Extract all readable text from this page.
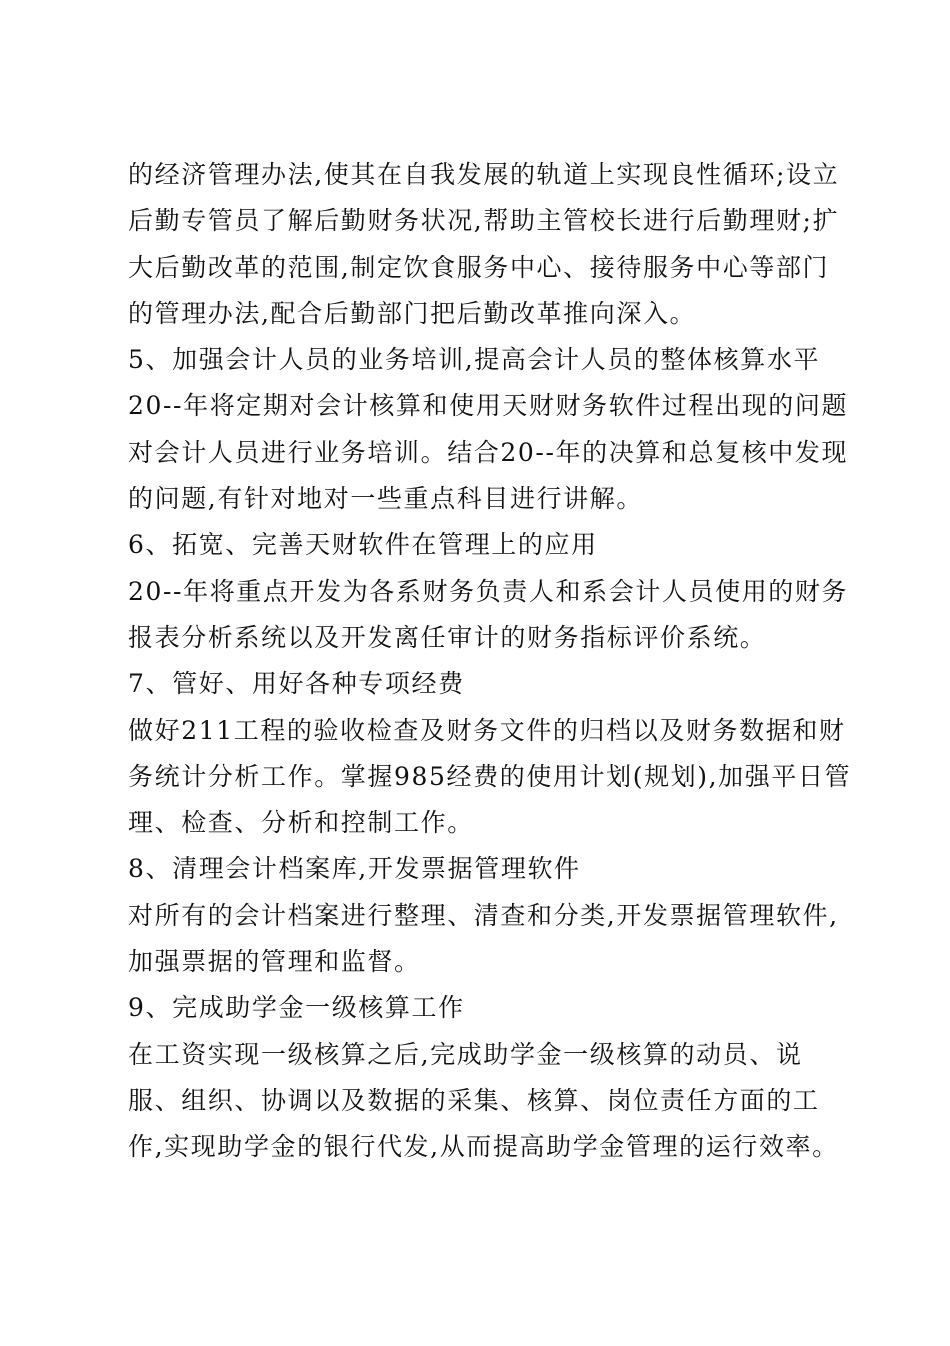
的经济管理办法,使其在自我发展的轨道上实现良性循环;设立
后勤专管员了解后勤财务状况,帮助主管校长进行后勤理财;扩
大后勤改革的范围,制定饮食服务中心、接待服务中心等部门
的管理办法,配合后勤部门把后勤改革推向深入。
5、加强会计人员的业务培训,提高会计人员的整体核算水平
20--年将定期对会计核算和使用天财财务软件过程出现的问题
对会计人员进行业务培训。结合20--年的决算和总复核中发现
的问题,有针对地对一些重点科目进行讲解。
6、拓宽、完善天财软件在管理上的应用
20--年将重点开发为各系财务负责人和系会计人员使用的财务
报表分析系统以及开发离任审计的财务指标评价系统。
7、管好、用好各种专项经费
做好211工程的验收检查及财务文件的归档以及财务数据和财
务统计分析工作。掌握985经费的使用计划(规划),加强平日管
理、检查、分析和控制工作。
8、清理会计档案库,开发票据管理软件
对所有的会计档案进行整理、清查和分类,开发票据管理软件,
加强票据的管理和监督。
9、完成助学金一级核算工作
在工资实现一级核算之后,完成助学金一级核算的动员、说
服、组织、协调以及数据的采集、核算、岗位责任方面的工
作,实现助学金的银行代发,从而提高助学金管理的运行效率。
